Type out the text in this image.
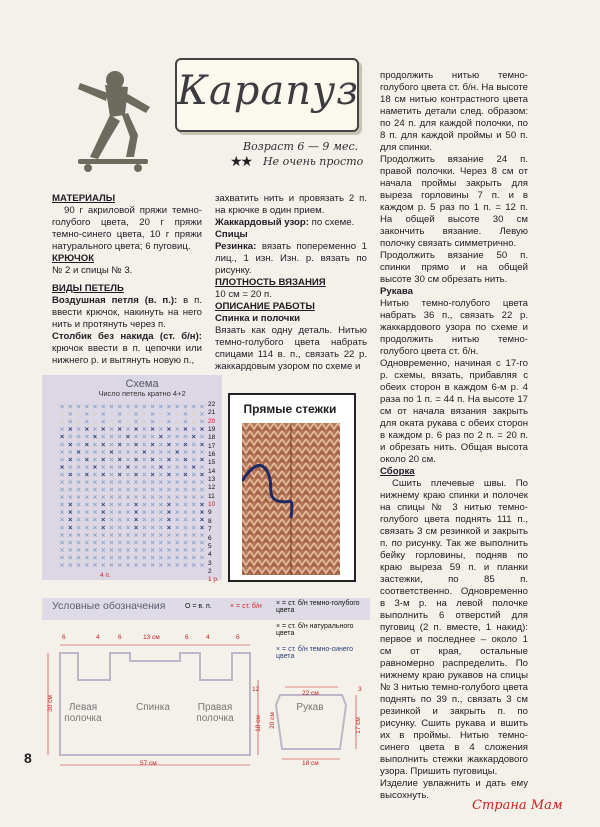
Карапуз
Возраст 6 — 9 мес.
★★ Не очень просто

МАТЕРИАЛЫ

90 г акриловой пряжи темно-голубого цвета, 20 г пряжи темно-синего цвета, 10 г пряжи натурального цвета; 6 пуговиц.

КРЮЧОК

№ 2 и спицы № 3.

ВИДЫ ПЕТЕЛЬ

Воздушная петля (в. п.): в п. ввести крючок, накинуть на него нить и протянуть через п.

Столбик без накида (ст. б/н): крючок ввести в п. цепочки или нижнего р. и вытянуть новую п.,

захватить нить и провязать 2 п. на крючке в один прием.

Жаккардовый узор: по схеме.

Спицы

Резинка: вязать попеременно 1 лиц., 1 изн. Изн. р. вязать по рисунку.

ПЛОТНОСТЬ ВЯЗАНИЯ

10 см = 20 п.

ОПИСАНИЕ РАБОТЫ

Спинка и полочки

Вязать как одну деталь. Нитью темно-голубого цвета набрать спицами 114 в. п., связать 22 р. жаккардовым узором по схеме и

продолжить нитью темно-голубого цвета ст. б/н. На высоте 18 см нитью контрастного цвета наметить детали след. образом: по 24 п. для каждой полочки, по 8 п. для каждой проймы и 50 п. для спинки.

Продолжить вязание 24 п. правой полочки. Через 8 см от начала проймы закрыть для выреза горловины 7 п. и в каждом р. 5 раз по 1 п. = 12 п. На общей высоте 30 см закончить вязание. Левую полочку связать симметрично.

Продолжить вязание 50 п. спинки прямо и на общей высоте 30 см обрезать нить.

Рукава

Нитью темно-голубого цвета набрать 36 п., связать 22 р. жаккардового узора по схеме и продолжить нитью темно-голубого цвета ст. б/н.

Одновременно, начиная с 17-го р. схемы, вязать, прибавляя с обеих сторон в каждом 6-м р. 4 раза по 1 п. = 44 п. На высоте 17 см от начала вязания закрыть для оката рукава с обеих сторон в каждом р. 6 раз по 2 п. = 20 п. и обрезать нить. Общая высота около 20 см.

Сборка

Сшить плечевые швы. По нижнему краю спинки и полочек на спицы № 3 нитью темно-голубого цвета поднять 111 п., связать 3 см резинкой и закрыть п. по рисунку. Так же выполнить бейку горловины, подняв по краю выреза 59 п. и планки застежки, по 85 п. соответственно. Одновременно в 3-м р. на левой полочке выполнить 6 отверстий для пуговиц (2 п. вместе, 1 накид): первое и последнее – около 1 см от края, остальные равномерно распределить. По нижнему краю рукавов на спицы № 3 нитью темно-голубого цвета поднять по 39 п., связать 3 см резинкой и закрыть п. по рисунку. Сшить рукава и вшить их в проймы. Нитью темно-синего цвета в 4 сложения выполнить стежки жаккардового узора. Пришить пуговицы.

Изделие увлажнить и дать ему высохнуть.

Схема
Число петель кратно 4+2
× × × × × × × × × × × × × × × × × ×
× × × × × × × × × × × × × × × × × ×
× × × × × × × × × × × × × × × × × ×
× × × × × × × × × × × × × × × × × ×
× × × × × × × × × × × × × × × × × ×
× × × × × × × × × × × × × × × × × ×
× × × × × × × × × × × × × × × × × ×
× × × × × × × × × × × × × × × × × ×
× × × × × × × × × × × × × × × × × ×
× × × × × × × × × × × × × × × × × ×
× × × × × × × × × × × × × × × × × ×
× × × × × × × × × × × × × × × × × ×
× × × × × × × × × × × × × × × × × ×
× × × × × × × × × × × × × × × × × ×
× × × × × × × × × × × × × × × × × ×
× × × × × × × × × × × × × × × × × ×
× × × × × × × × × × × × × × × × × ×
× × × × × × × × × × × × × × × × × ×
× × × × × × × × × × × × × × × × × ×
× × × × × × × × × × × × × × × × × ×
× × × × × × × × × × × × × × × × × ×
× × × × × × × × × × × × × × × × × ×
22
21
20
19
18
17
16
15
14
13
12
11
10
9
8
7
6
5
4
3
2
1 р.
4 п.
Прямые стежки
Условные обозначения	О = в. п.	× = ст. б/н × = ст. б/н темно-голубого цвета
× = ст. б/н натурального цвета
× = ст. б/н темно-синего цвета
Левая
полочка
Спинка	Правая
полочка
Рукав
6	4	6	13 см	6	4	6
30 см
18 см
12
57 см
22 см
18 см
20 см	17 см
3
8
Страна Мам
